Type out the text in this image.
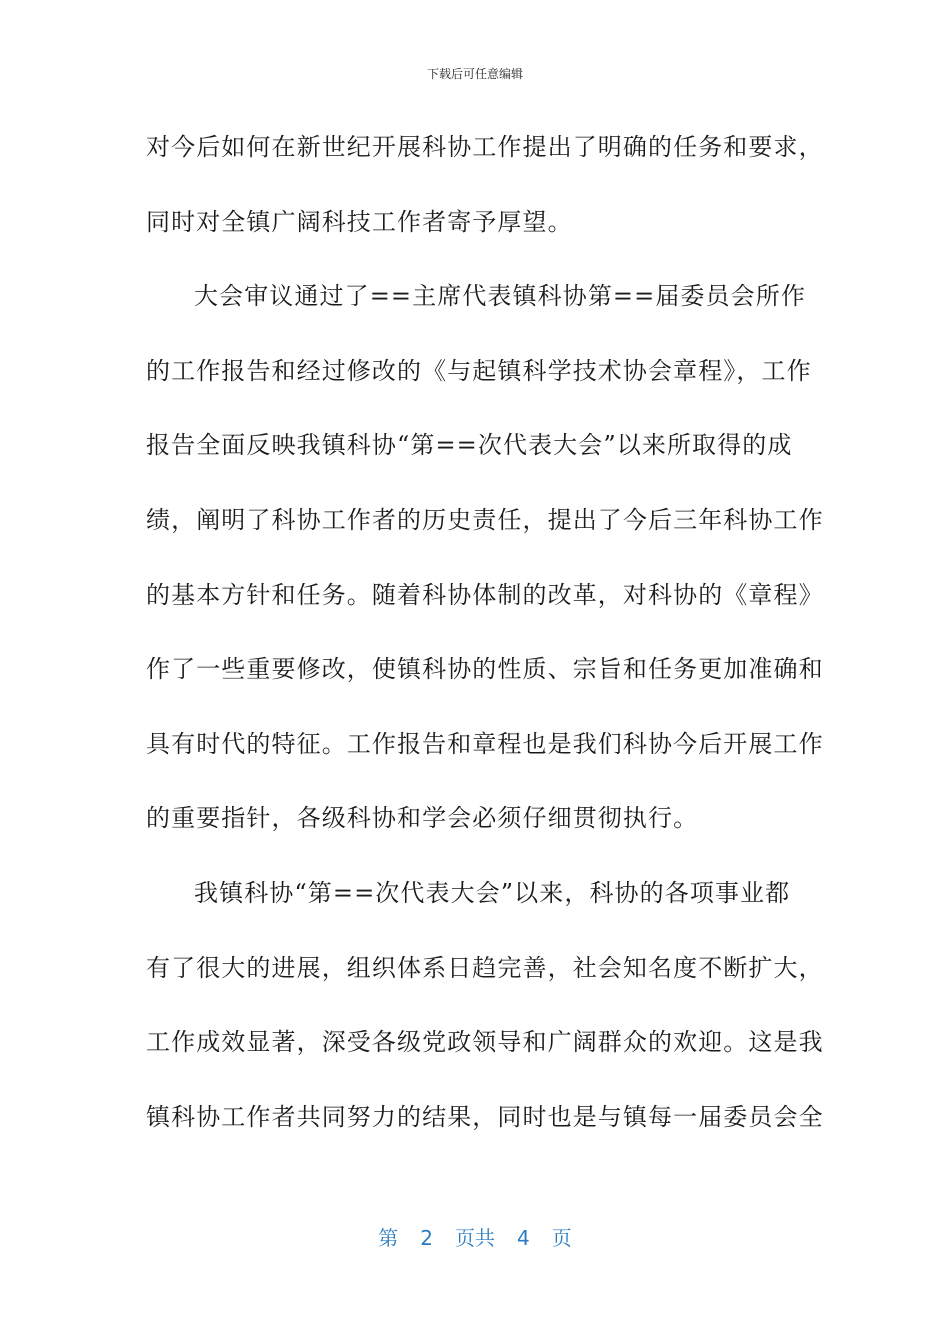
下载后可任意编辑
对今后如何在新世纪开展科协工作提出了明确的任务和要求，
同时对全镇广阔科技工作者寄予厚望。
大会审议通过了==主席代表镇科协第==届委员会所作
的工作报告和经过修改的《与起镇科学技术协会章程》，工作
报告全面反映我镇科协“第==次代表大会”以来所取得的成
绩，阐明了科协工作者的历史责任，提出了今后三年科协工作
的基本方针和任务。随着科协体制的改革，对科协的《章程》
作了一些重要修改，使镇科协的性质、宗旨和任务更加准确和
具有时代的特征。工作报告和章程也是我们科协今后开展工作
的重要指针，各级科协和学会必须仔细贯彻执行。
我镇科协“第==次代表大会”以来，科协的各项事业都
有了很大的进展，组织体系日趋完善，社会知名度不断扩大，
工作成效显著，深受各级党政领导和广阔群众的欢迎。这是我
镇科协工作者共同努力的结果，同时也是与镇每一届委员会全
第 2 页共 4 页
